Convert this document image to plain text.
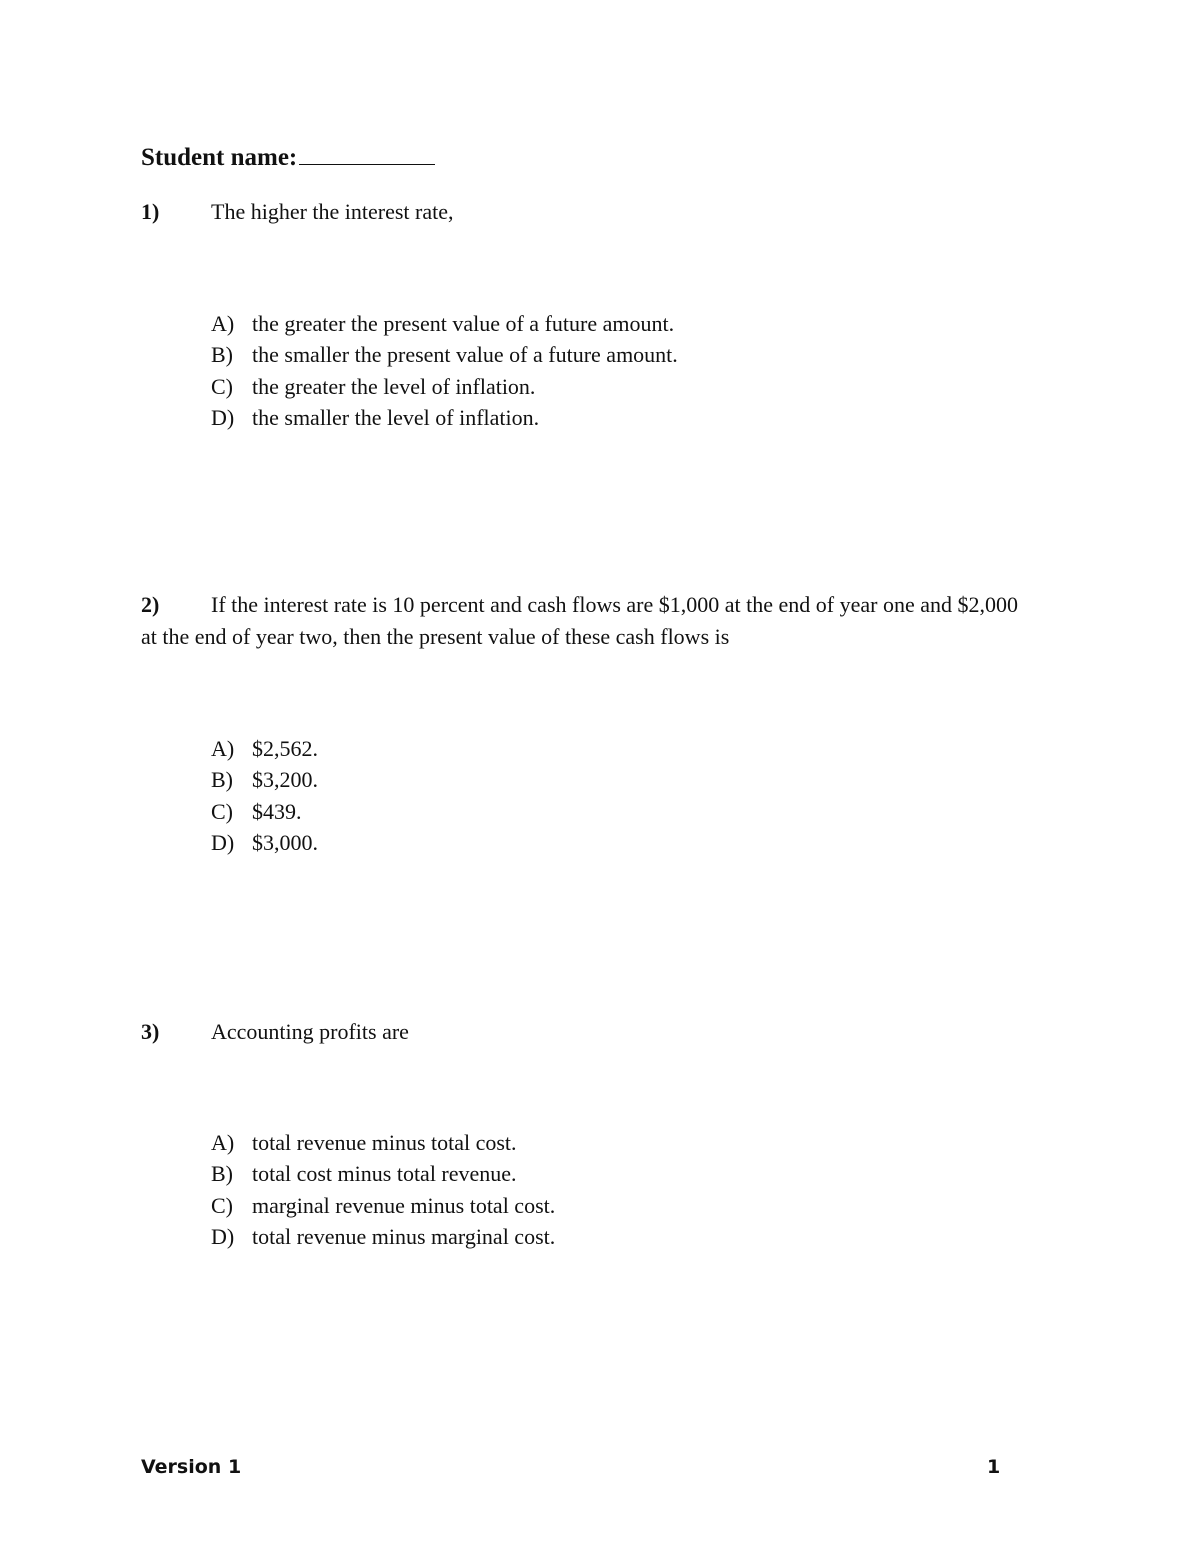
Student name:
1) The higher the interest rate,
A) the greater the present value of a future amount.
B) the smaller the present value of a future amount.
C) the greater the level of inflation.
D) the smaller the level of inflation.
2) If the interest rate is 10 percent and cash flows are $1,000 at the end of year one and $2,000 at the end of year two, then the present value of these cash flows is
A) $2,562.
B) $3,200.
C) $439.
D) $3,000.
3) Accounting profits are
A) total revenue minus total cost.
B) total cost minus total revenue.
C) marginal revenue minus total cost.
D) total revenue minus marginal cost.
Version 1	1
